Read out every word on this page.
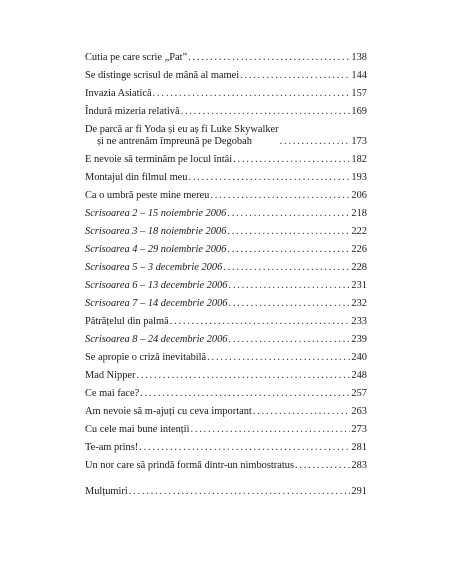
Cutia pe care scrie „Pat” . . .	138
Se distinge scrisul de mână al mamei . . .	144
Invazia Asiatică . . .	157
Îndură mizeria relativă . . .	169
De parcă ar fi Yoda și eu aș fi Luke Skywalker
și ne antrenăm împreună pe Degobah . . .	173
E nevoie să terminăm pe locul întâi . . .	182
Montajul din filmul meu . . .	193
Ca o umbră peste mine mereu . . .	206
Scrisoarea 2 – 15 noiembrie 2006 . . .	218
Scrisoarea 3 – 18 noiembrie 2006 . . .	222
Scrisoarea 4 – 29 noiembrie 2006 . . .	226
Scrisoarea 5 – 3 decembrie 2006 . . .	228
Scrisoarea 6 – 13 decembrie 2006 . . .	231
Scrisoarea 7 – 14 decembrie 2006 . . .	232
Pătrățelul din palmă . . .	233
Scrisoarea 8 – 24 decembrie 2006 . . .	239
Se apropie o criză inevitabilă . . .	240
Mad Nipper . . .	248
Ce mai face? . . .	257
Am nevoie să m-ajuți cu ceva important . . .	263
Cu cele mai bune intenții . . .	273
Te-am prins! . . .	281
Un nor care să prindă formă dintr-un nimbostratus . . .	283
Mulțumiri . . .	291
